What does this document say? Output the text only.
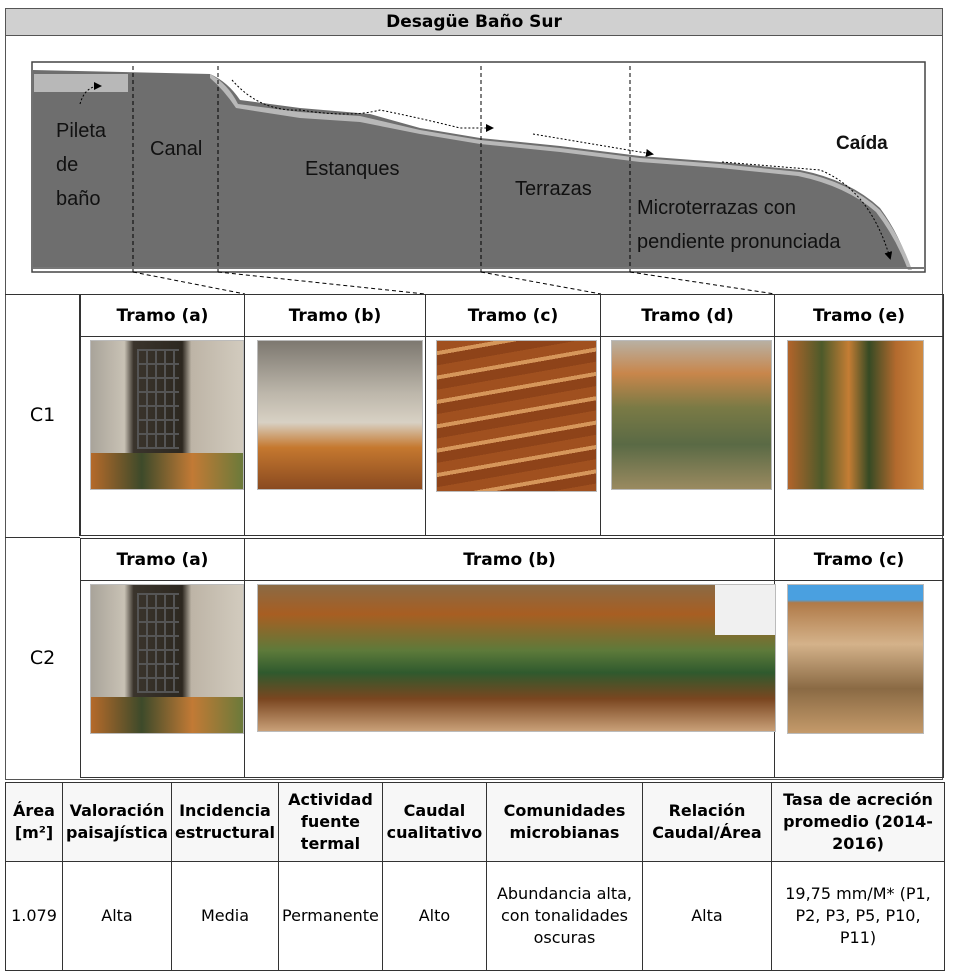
Desagüe Baño Sur
Pileta
de
baño
Canal
Estanques
Terrazas
Microterrazas con
pendiente pronunciada
Caída
C1
Tramo (a)	Tramo (b)	Tramo (c)	Tramo (d)	Tramo (e)
C2
Tramo (a)	Tramo (b)	Tramo (c)
Área [m²]	Valoración paisajística	Incidencia estructural	Actividad fuente termal	Caudal cualitativo	Comunidades microbianas	Relación Caudal/Área	Tasa de acreción promedio (2014-2016)
1.079	Alta	Media	Permanente	Alto	Abundancia alta, con tonalidades oscuras	Alta	19,75 mm/M* (P1, P2, P3, P5, P10, P11)
